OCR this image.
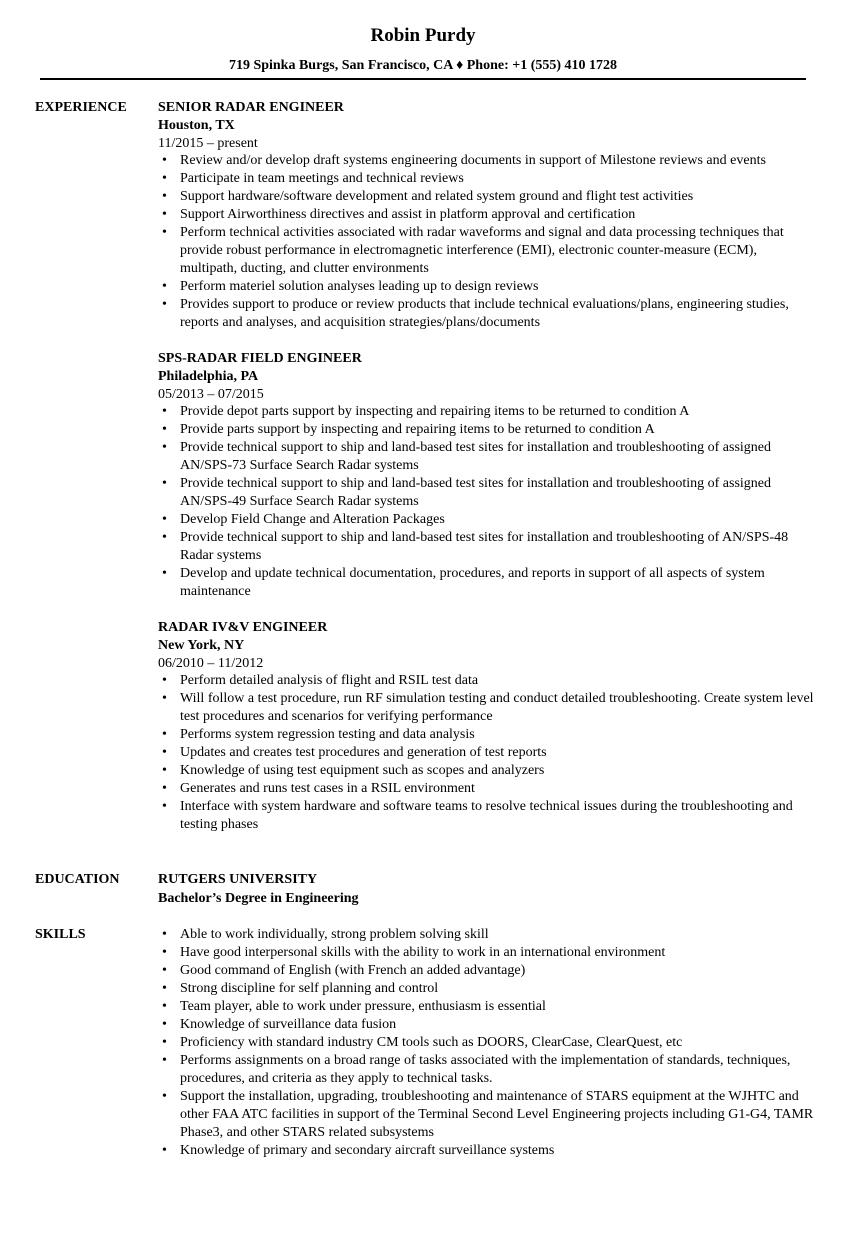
Robin Purdy
719 Spinka Burgs, San Francisco, CA ♦ Phone: +1 (555) 410 1728
EXPERIENCE SENIOR RADAR ENGINEER
Houston, TX
11/2015 – present
• Review and/or develop draft systems engineering documents in support of Milestone reviews and events
• Participate in team meetings and technical reviews
• Support hardware/software development and related system ground and flight test activities
• Support Airworthiness directives and assist in platform approval and certification
• Perform technical activities associated with radar waveforms and signal and data processing techniques that provide robust performance in electromagnetic interference (EMI), electronic counter-measure (ECM), multipath, ducting, and clutter environments
• Perform materiel solution analyses leading up to design reviews
• Provides support to produce or review products that include technical evaluations/plans, engineering studies, reports and analyses, and acquisition strategies/plans/documents
SPS-RADAR FIELD ENGINEER
Philadelphia, PA
05/2013 – 07/2015
• Provide depot parts support by inspecting and repairing items to be returned to condition A
• Provide parts support by inspecting and repairing items to be returned to condition A
• Provide technical support to ship and land-based test sites for installation and troubleshooting of assigned AN/SPS-73 Surface Search Radar systems
• Provide technical support to ship and land-based test sites for installation and troubleshooting of assigned AN/SPS-49 Surface Search Radar systems
• Develop Field Change and Alteration Packages
• Provide technical support to ship and land-based test sites for installation and troubleshooting of AN/SPS-48 Radar systems
• Develop and update technical documentation, procedures, and reports in support of all aspects of system maintenance
RADAR IV&V ENGINEER
New York, NY
06/2010 – 11/2012
• Perform detailed analysis of flight and RSIL test data
• Will follow a test procedure, run RF simulation testing and conduct detailed troubleshooting. Create system level test procedures and scenarios for verifying performance
• Performs system regression testing and data analysis
• Updates and creates test procedures and generation of test reports
• Knowledge of using test equipment such as scopes and analyzers
• Generates and runs test cases in a RSIL environment
• Interface with system hardware and software teams to resolve technical issues during the troubleshooting and testing phases
EDUCATION	RUTGERS UNIVERSITY
Bachelor’s Degree in Engineering
SKILLS
•	Able to work individually, strong problem solving skill
• Have good interpersonal skills with the ability to work in an international environment
• Good command of English (with French an added advantage)
• Strong discipline for self planning and control
• Team player, able to work under pressure, enthusiasm is essential
• Knowledge of surveillance data fusion
• Proficiency with standard industry CM tools such as DOORS, ClearCase, ClearQuest, etc
• Performs assignments on a broad range of tasks associated with the implementation of standards, techniques, procedures, and criteria as they apply to technical tasks.
• Support the installation, upgrading, troubleshooting and maintenance of STARS equipment at the WJHTC and other FAA ATC facilities in support of the Terminal Second Level Engineering projects including G1-G4, TAMR Phase3, and other STARS related subsystems
• Knowledge of primary and secondary aircraft surveillance systems
